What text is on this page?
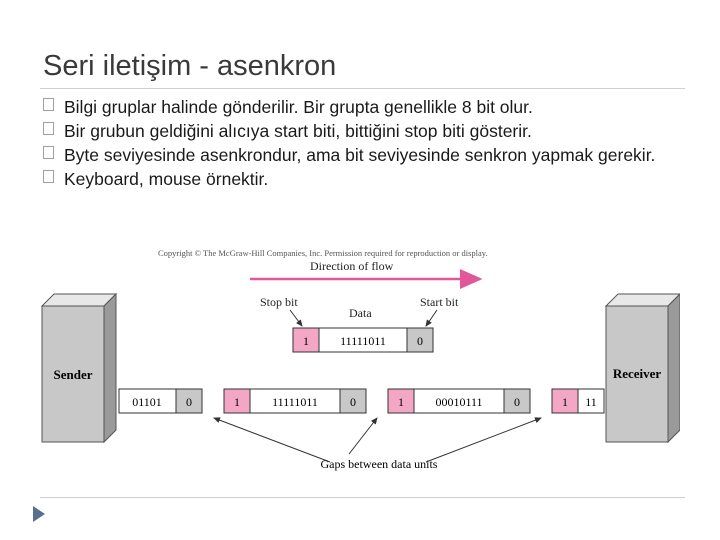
Seri iletişim - asenkron
Bilgi gruplar halinde gönderilir. Bir grupta genellikle 8 bit olur.
Bir grubun geldiğini alıcıya start biti, bittiğini stop biti gösterir.
Byte seviyesinde asenkrondur, ama bit seviyesinde senkron yapmak gerekir.
Keyboard, mouse örnektir.
Copyright © The McGraw-Hill Companies, Inc. Permission required for reproduction or display.
Direction of flow
Stop bit	Start bit
Data
1	11111011	0
Sender	Receiver
01101 0	1	11111011	0	1	00010111	0	1 11
Gaps between data units
